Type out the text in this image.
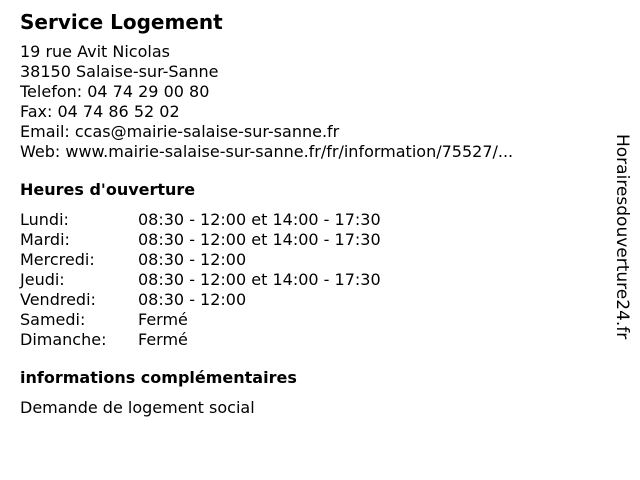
Service Logement
19 rue Avit Nicolas
38150 Salaise-sur-Sanne
Telefon: 04 74 29 00 80
Fax: 04 74 86 52 02
Email: ccas@mairie-salaise-sur-sanne.fr
Web: www.mairie-salaise-sur-sanne.fr/fr/information/75527/...
Heures d'ouverture
Lundi:	08:30 - 12:00 et 14:00 - 17:30
Mardi:	08:30 - 12:00 et 14:00 - 17:30
Mercredi:	08:30 - 12:00
Jeudi:	08:30 - 12:00 et 14:00 - 17:30
Vendredi:	08:30 - 12:00
Samedi:	Fermé
Dimanche:	Fermé
informations complémentaires
Demande de logement social
Horairesdouverture24.fr
